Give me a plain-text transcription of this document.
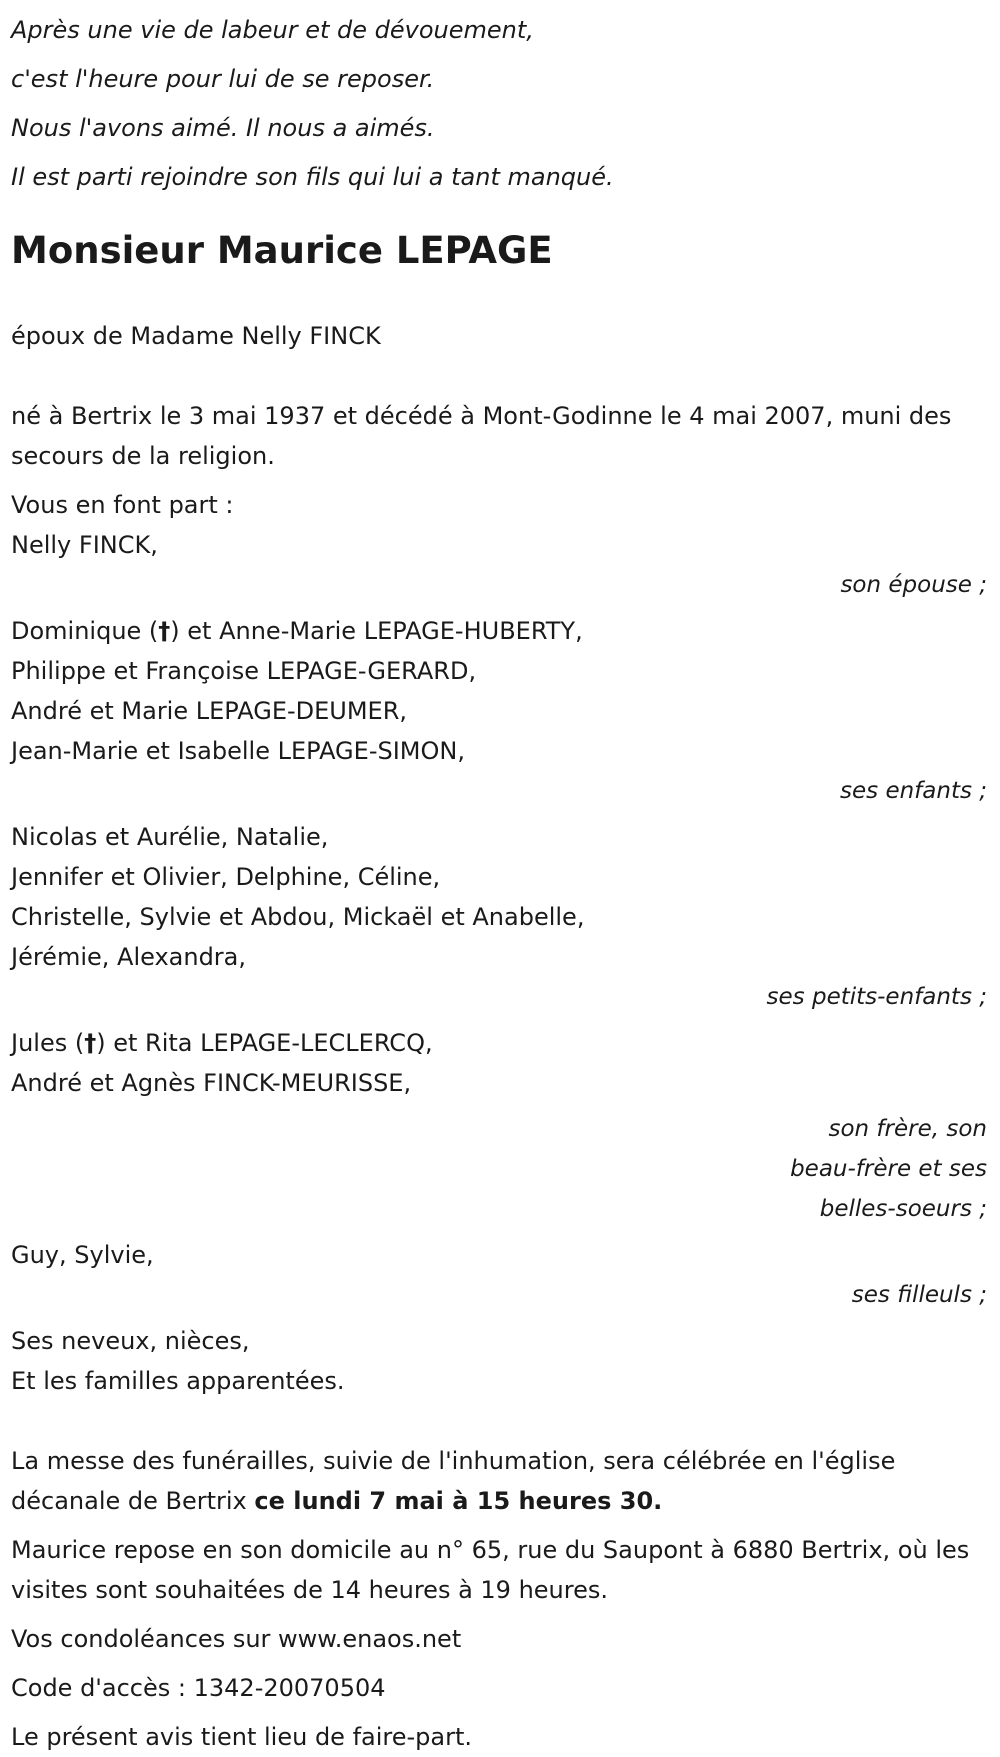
Après une vie de labeur et de dévouement,

c'est l'heure pour lui de se reposer.

Nous l'avons aimé. Il nous a aimés.

Il est parti rejoindre son fils qui lui a tant manqué.

Monsieur Maurice LEPAGE

époux de Madame Nelly FINCK

né à Bertrix le 3 mai 1937 et décédé à Mont-Godinne le 4 mai 2007, muni des secours de la religion.

Vous en font part :

Nelly FINCK,

son épouse ;

Dominique (†) et Anne-Marie LEPAGE-HUBERTY,

Philippe et Françoise LEPAGE-GERARD,

André et Marie LEPAGE-DEUMER,

Jean-Marie et Isabelle LEPAGE-SIMON,

ses enfants ;

Nicolas et Aurélie, Natalie,

Jennifer et Olivier, Delphine, Céline,

Christelle, Sylvie et Abdou, Mickaël et Anabelle,

Jérémie, Alexandra,

ses petits-enfants ;

Jules (†) et Rita LEPAGE-LECLERCQ,

André et Agnès FINCK-MEURISSE,

son frère, son
beau-frère et ses
belles-soeurs ;

Guy, Sylvie,

ses filleuls ;

Ses neveux, nièces,

Et les familles apparentées.

La messe des funérailles, suivie de l'inhumation, sera célébrée en l'église décanale de Bertrix ce lundi 7 mai à 15 heures 30.

Maurice repose en son domicile au n° 65, rue du Saupont à 6880 Bertrix, où les visites sont souhaitées de 14 heures à 19 heures.

Vos condoléances sur www.enaos.net

Code d'accès : 1342-20070504

Le présent avis tient lieu de faire-part.
